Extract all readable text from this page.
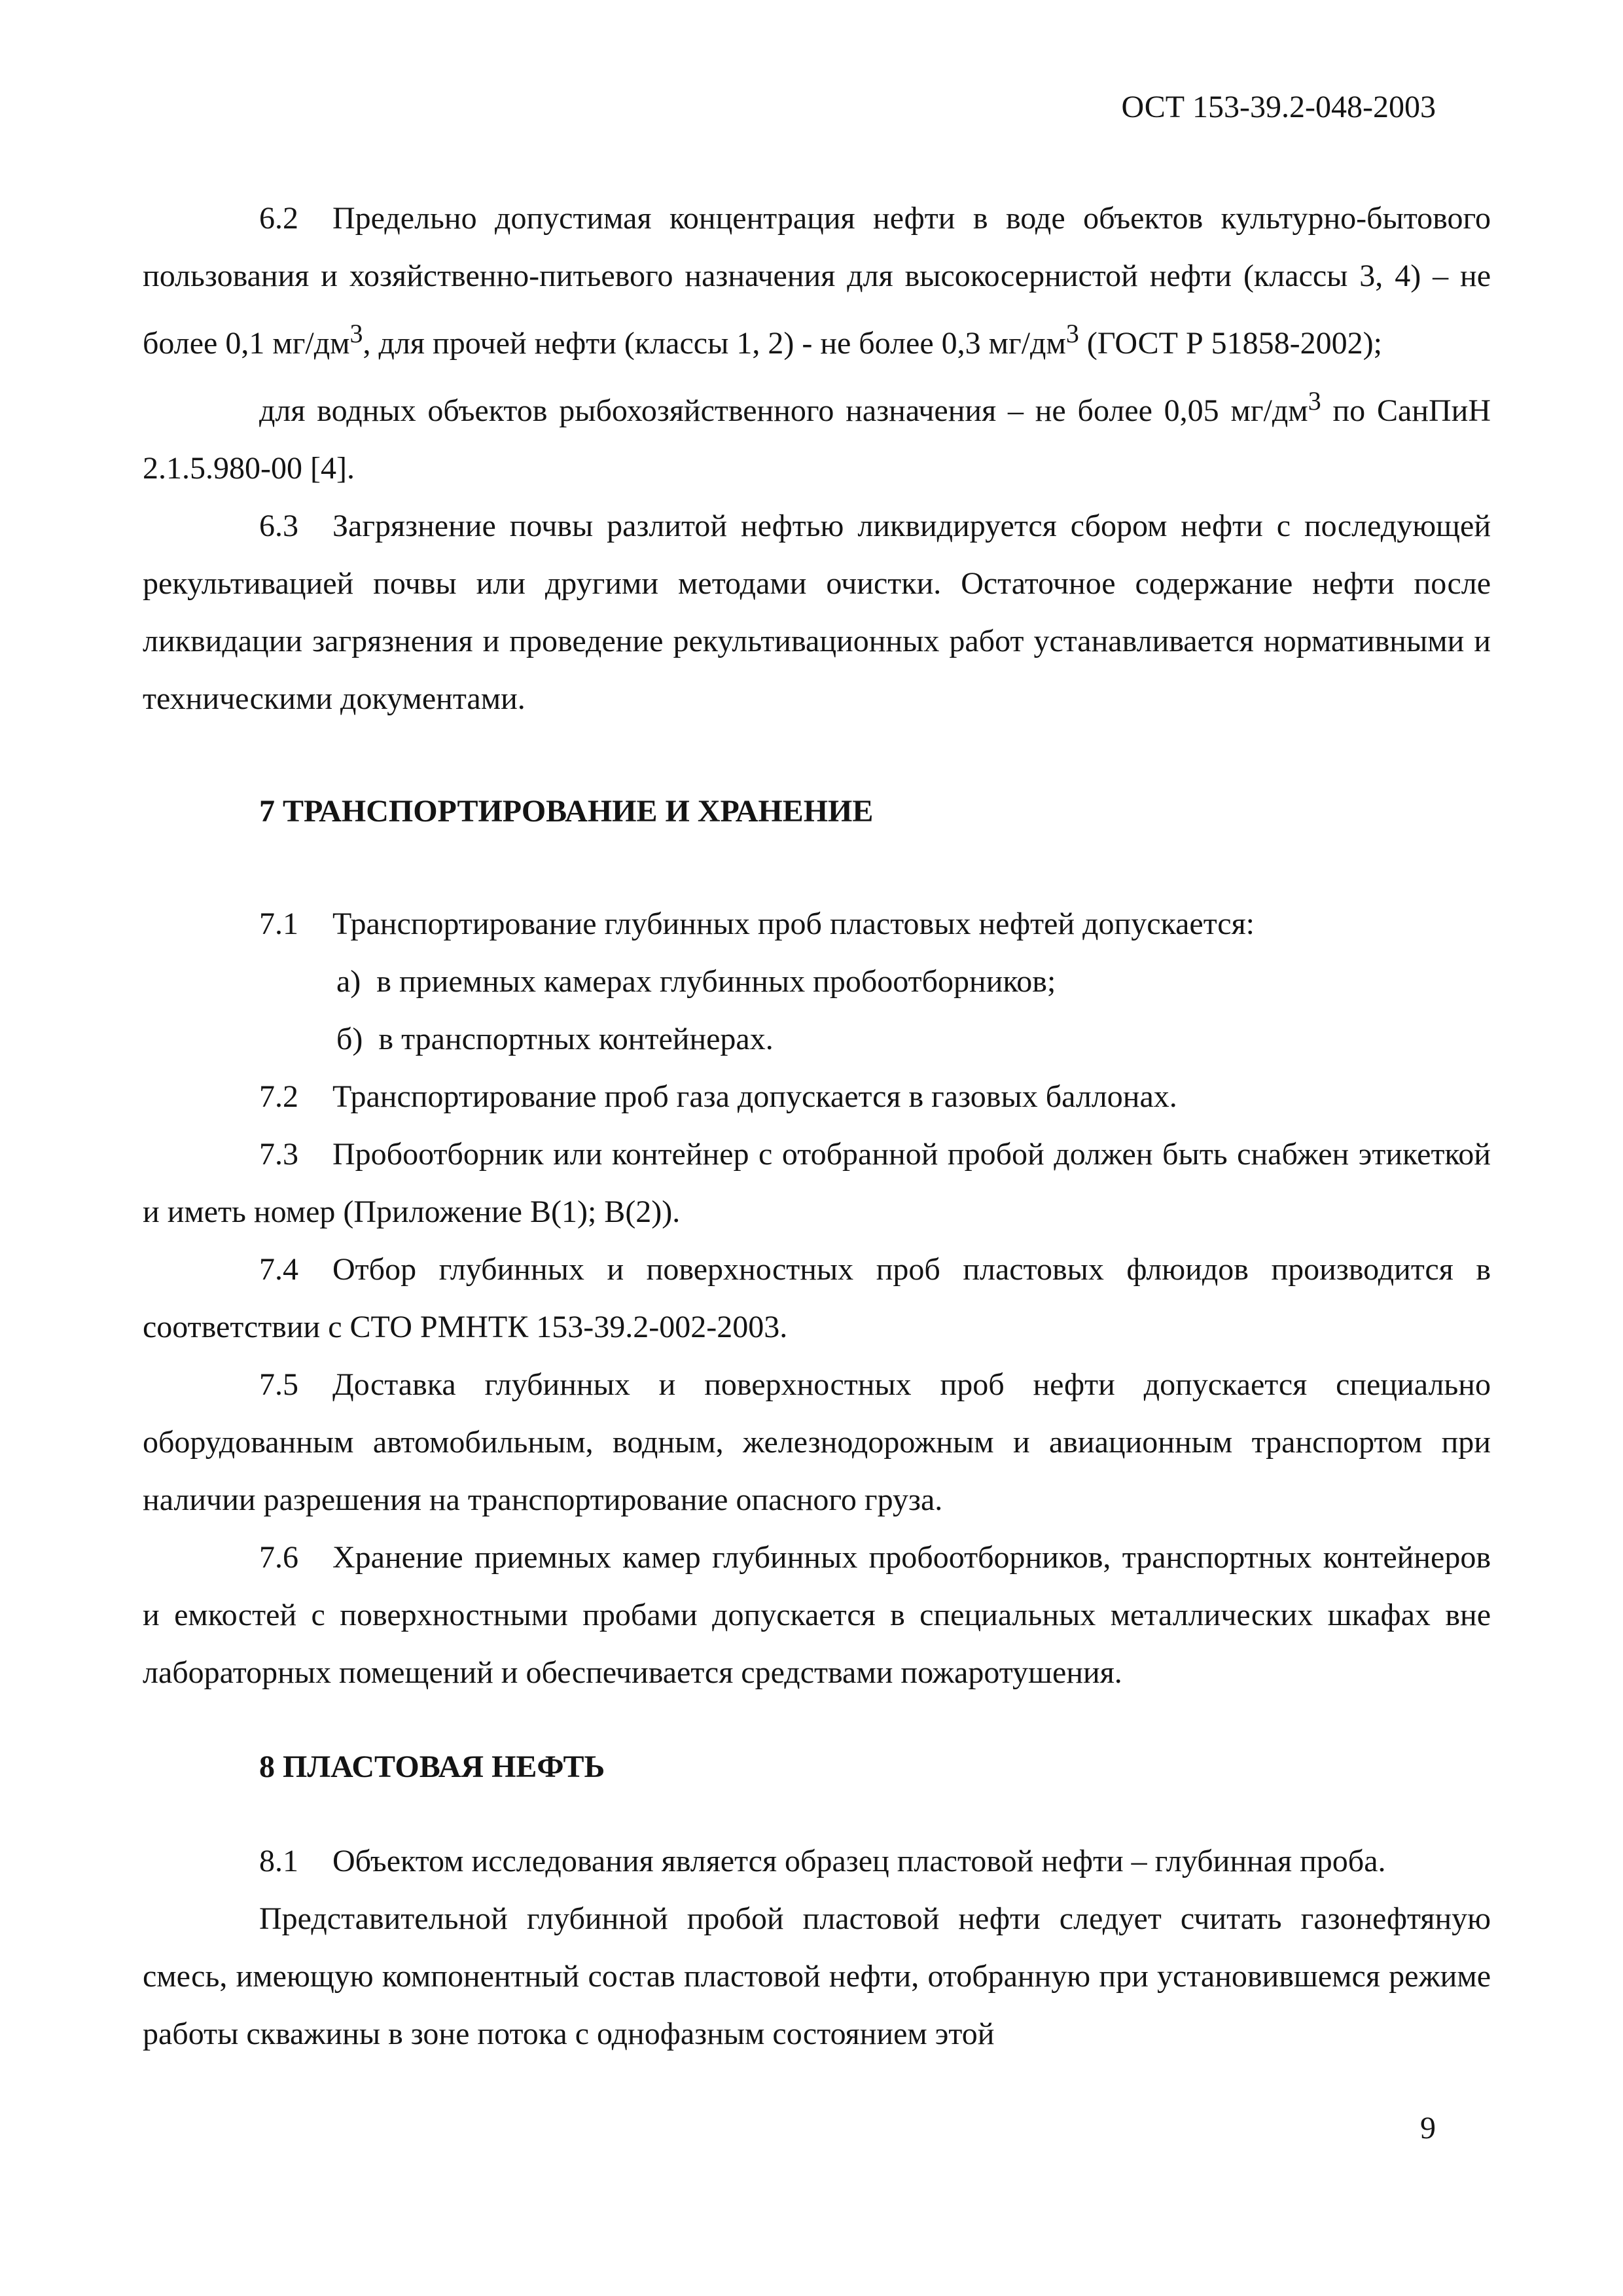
ОСТ 153-39.2-048-2003

6.2 Предельно допустимая концентрация нефти в воде объектов культурно-бытового пользования и хозяйственно-питьевого назначения для высокосернистой нефти (классы 3, 4) – не более 0,1 $мг/дм^3$, для прочей нефти (классы 1, 2) - не более 0,3 $мг/дм^3$ (ГОСТ Р 51858-2002);

для водных объектов рыбохозяйственного назначения – не более 0,05 $мг/дм^3$ по СанПиН 2.1.5.980-00 [4].

6.3 Загрязнение почвы разлитой нефтью ликвидируется сбором нефти с последующей рекультивацией почвы или другими методами очистки. Остаточное содержание нефти после ликвидации загрязнения и проведение рекультивационных работ устанавливается нормативными и техническими документами.

7 ТРАНСПОРТИРОВАНИЕ И ХРАНЕНИЕ

7.1 Транспортирование глубинных проб пластовых нефтей допускается:

а) в приемных камерах глубинных пробоотборников;

б) в транспортных контейнерах.

7.2 Транспортирование проб газа допускается в газовых баллонах.

7.3 Пробоотборник или контейнер с отобранной пробой должен быть снабжен этикеткой и иметь номер (Приложение В(1); В(2)).

7.4 Отбор глубинных и поверхностных проб пластовых флюидов производится в соответствии с СТО РМНТК 153-39.2-002-2003.

7.5 Доставка глубинных и поверхностных проб нефти допускается специально оборудованным автомобильным, водным, железнодорожным и авиационным транспортом при наличии разрешения на транспортирование опасного груза.

7.6 Хранение приемных камер глубинных пробоотборников, транспортных контейнеров и емкостей с поверхностными пробами допускается в специальных металлических шкафах вне лабораторных помещений и обеспечивается средствами пожаротушения.

8 ПЛАСТОВАЯ НЕФТЬ

8.1 Объектом исследования является образец пластовой нефти – глубинная проба.

Представительной глубинной пробой пластовой нефти следует считать газонефтяную смесь, имеющую компонентный состав пластовой нефти, отобранную при установившемся режиме работы скважины в зоне потока с однофазным состоянием этой

9
